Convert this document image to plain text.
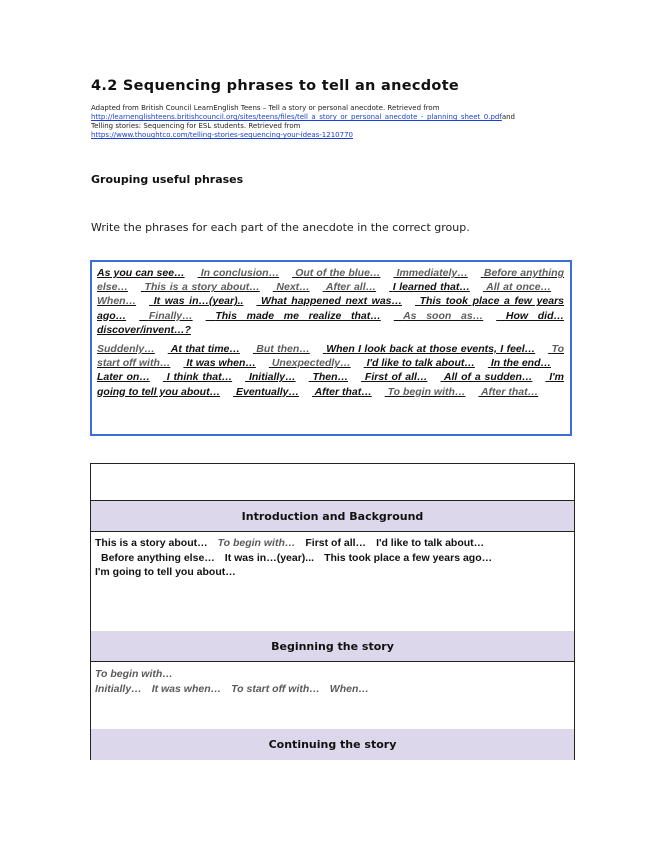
4.2 Sequencing phrases to tell an anecdote
Adapted from British Council LearnEnglish Teens – Tell a story or personal anecdote. Retrieved from
http://learnenglishteens.britishcouncil.org/sites/teens/files/tell_a_story_or_personal_anecdote_-_planning_sheet_0.pdfand
Telling stories: Sequencing for ESL students. Retrieved from
https://www.thoughtco.com/telling-stories-sequencing-your-ideas-1210770
Grouping useful phrases
Write the phrases for each part of the anecdote in the correct group.
As you can see… In conclusion… Out of the blue… Immediately… Before anything else… This is a story about… Next… After all… I learned that… All at once… When… It was in…(year).. What happened next was… This took place a few years ago… Finally… This made me realize that… As soon as… How did…discover/invent…?
Suddenly… At that time… But then… When I look back at those events, I feel… To start off with… It was when… Unexpectedly… I'd like to talk about… In the end… Later on… I think that… Initially… Then… First of all… All of a sudden… I'm going to tell you about… Eventually… After that… To begin with… After that…
Introduction and Background
This is a story about… To begin with… First of all… I'd like to talk about…
Before anything else… It was in…(year)... This took place a few years ago…
I'm going to tell you about…
Beginning the story
To begin with…
Initially… It was when… To start off with… When…
Continuing the story
